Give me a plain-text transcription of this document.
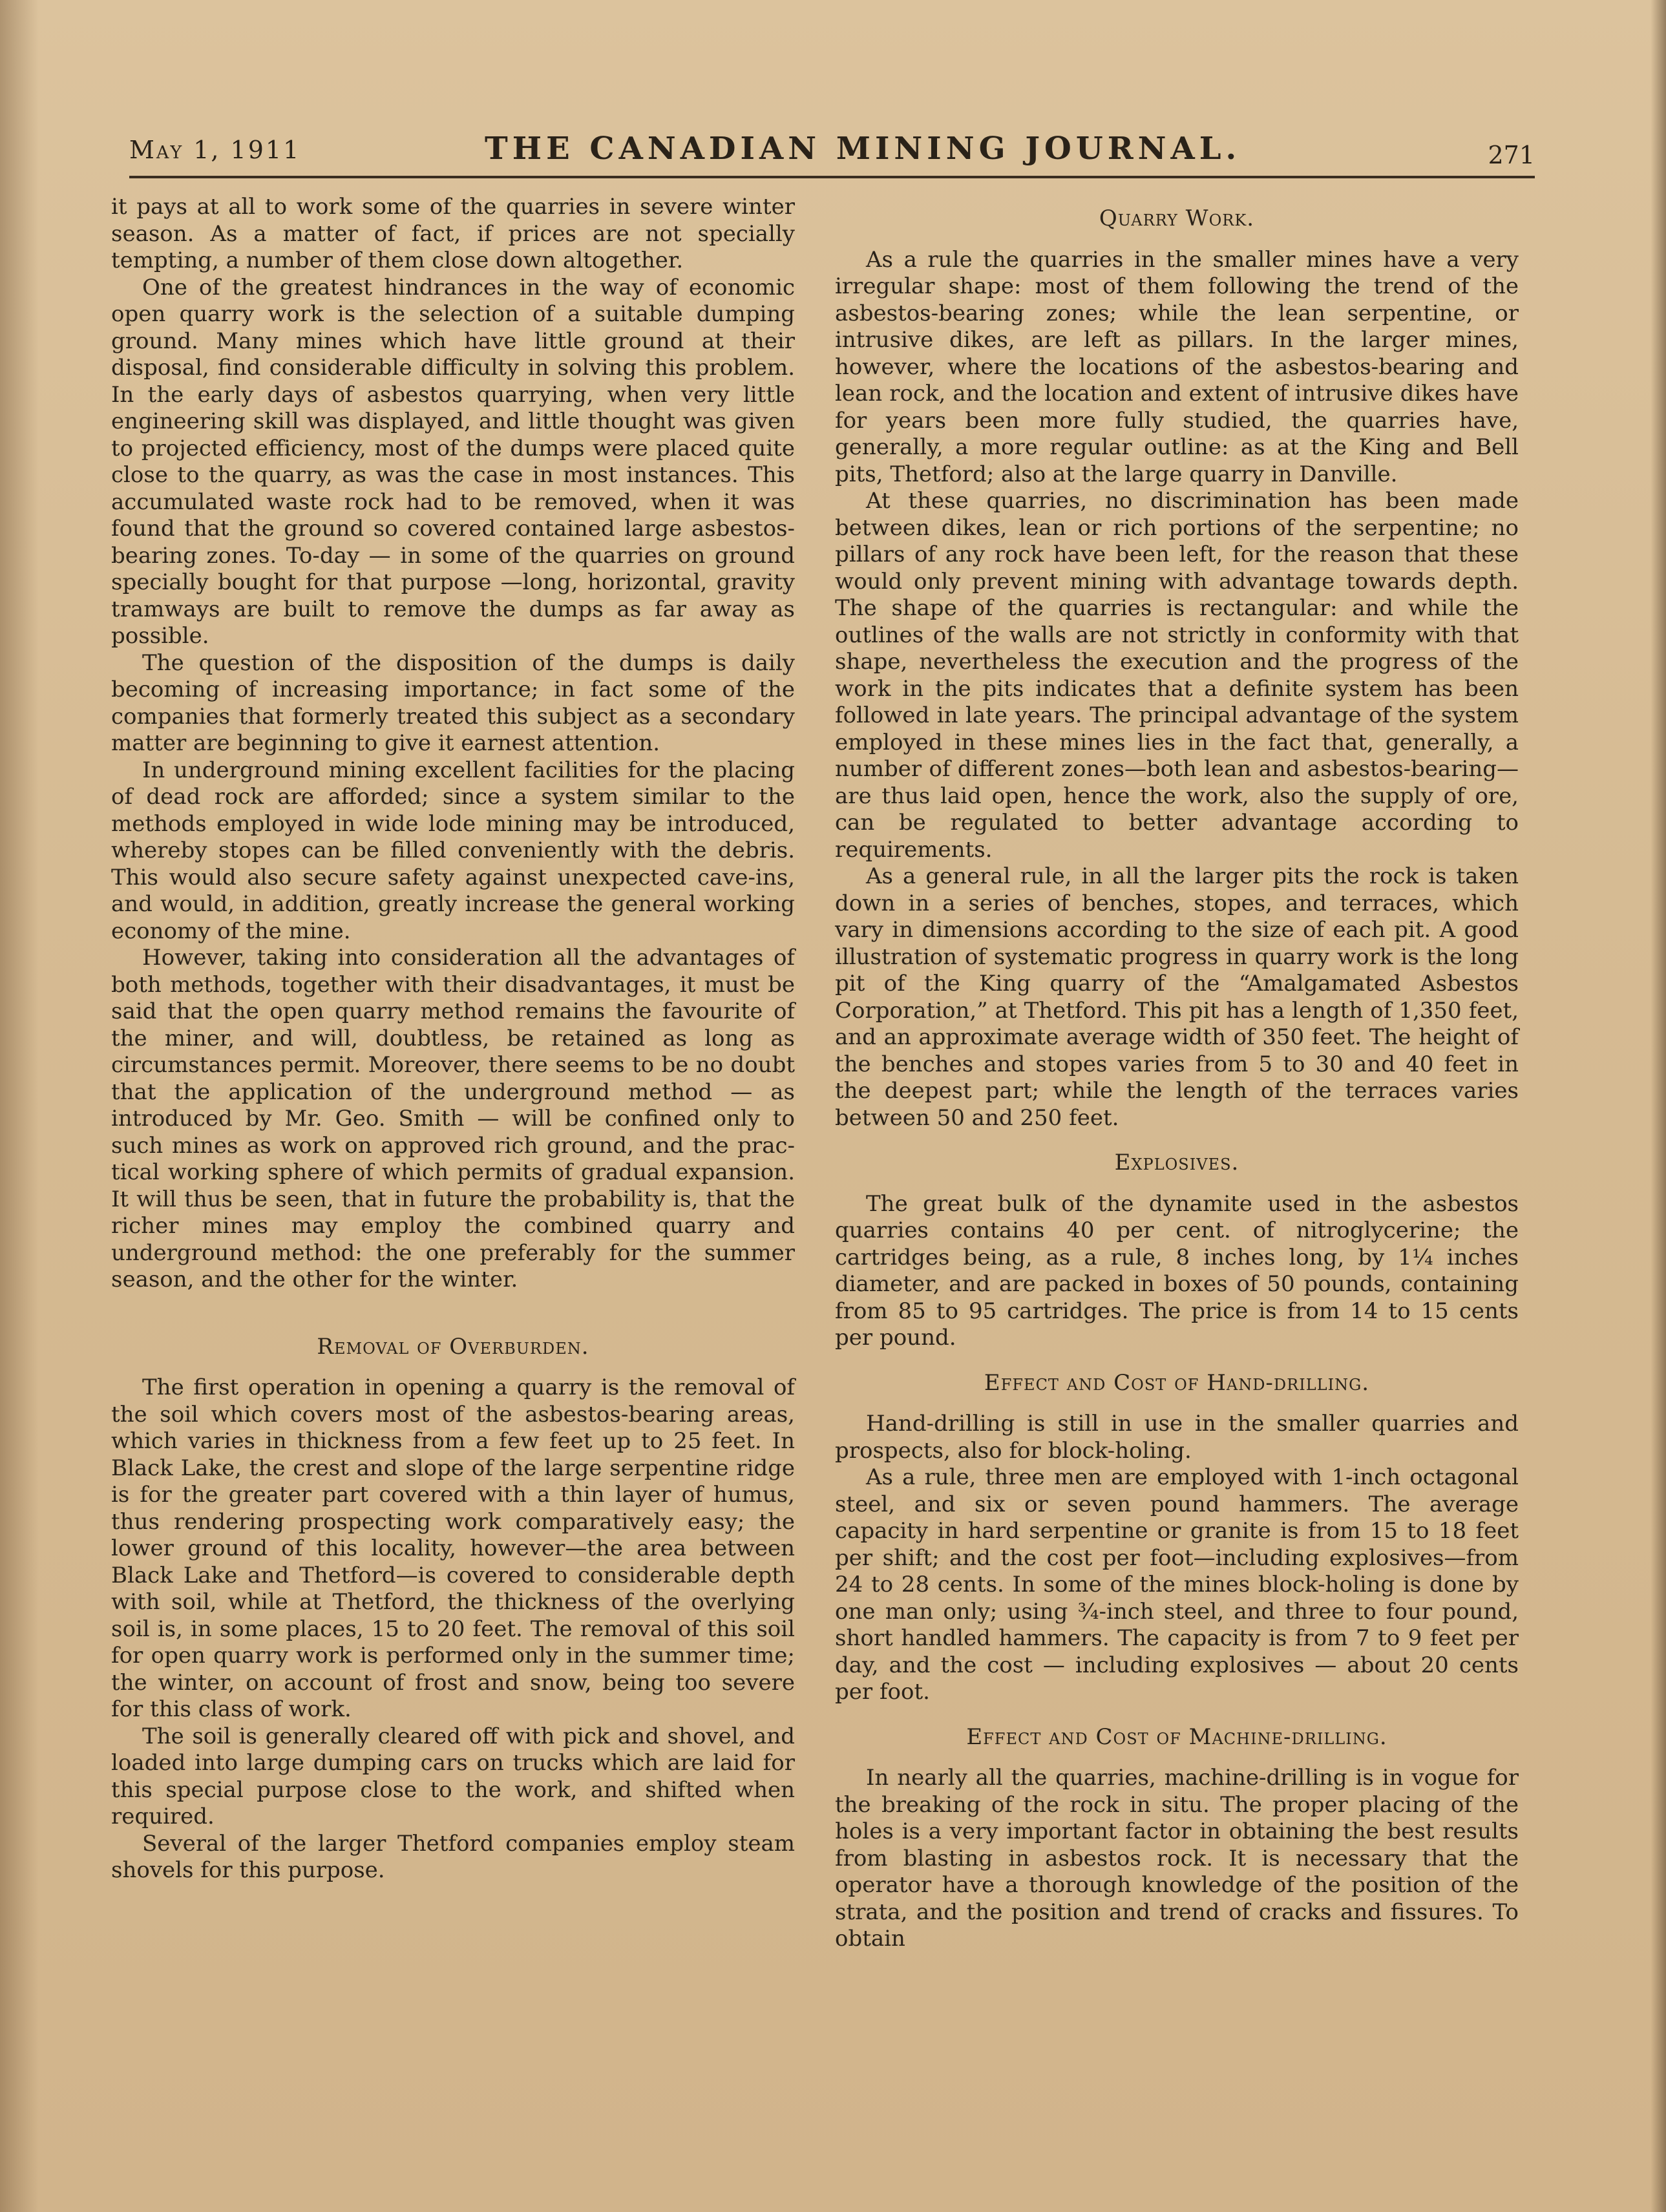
May 1, 1911	THE CANADIAN MINING JOURNAL.	271

it pays at all to work some of the quarries in severe winter season. As a matter of fact, if prices are not specially tempting, a number of them close down altogether.

One of the greatest hindrances in the way of economic open quarry work is the selection of a suitable dumping ground. Many mines which have little ground at their disposal, find considerable difficulty in solving this problem. In the early days of asbestos quarrying, when very little engineering skill was displayed, and little thought was given to projected efficiency, most of the dumps were placed quite close to the quarry, as was the case in most instances. This accumulated waste rock had to be removed, when it was found that the ground so covered contained large asbestos-bearing zones. To-day — in some of the quarries on ground specially bought for that purpose —long, horizontal, gravity tramways are built to remove the dumps as far away as possible.

The question of the disposition of the dumps is daily becoming of increasing importance; in fact some of the companies that formerly treated this subject as a secondary matter are beginning to give it earnest attention.

In underground mining excellent facilities for the placing of dead rock are afforded; since a system similar to the methods employed in wide lode mining may be introduced, whereby stopes can be filled conveniently with the debris. This would also secure safety against unexpected cave-ins, and would, in addition, greatly increase the general working economy of the mine.

However, taking into consideration all the advantages of both methods, together with their disadvantages, it must be said that the open quarry method remains the favourite of the miner, and will, doubtless, be retained as long as circumstances permit. Moreover, there seems to be no doubt that the application of the underground method — as introduced by Mr. Geo. Smith — will be confined only to such mines as work on approved rich ground, and the practical working sphere of which permits of gradual expansion. It will thus be seen, that in future the probability is, that the richer mines may employ the combined quarry and underground method: the one preferably for the summer season, and the other for the winter.

Removal of Overburden.

The first operation in opening a quarry is the removal of the soil which covers most of the asbestos-bearing areas, which varies in thickness from a few feet up to 25 feet. In Black Lake, the crest and slope of the large serpentine ridge is for the greater part covered with a thin layer of humus, thus rendering prospecting work comparatively easy; the lower ground of this locality, however—the area between Black Lake and Thetford—is covered to considerable depth with soil, while at Thetford, the thickness of the overlying soil is, in some places, 15 to 20 feet. The removal of this soil for open quarry work is performed only in the summer time; the winter, on account of frost and snow, being too severe for this class of work.

The soil is generally cleared off with pick and shovel, and loaded into large dumping cars on trucks which are laid for this special purpose close to the work, and shifted when required.

Several of the larger Thetford companies employ steam shovels for this purpose.

Quarry Work.

As a rule the quarries in the smaller mines have a very irregular shape: most of them following the trend of the asbestos-bearing zones; while the lean serpentine, or intrusive dikes, are left as pillars. In the larger mines, however, where the locations of the asbestos-bearing and lean rock, and the location and extent of intrusive dikes have for years been more fully studied, the quarries have, generally, a more regular outline: as at the King and Bell pits, Thetford; also at the large quarry in Danville.

At these quarries, no discrimination has been made between dikes, lean or rich portions of the serpentine; no pillars of any rock have been left, for the reason that these would only prevent mining with advantage towards depth. The shape of the quarries is rectangular: and while the outlines of the walls are not strictly in conformity with that shape, nevertheless the execution and the progress of the work in the pits indicates that a definite system has been followed in late years. The principal advantage of the system employed in these mines lies in the fact that, generally, a number of different zones—both lean and asbestos-bearing—are thus laid open, hence the work, also the supply of ore, can be regulated to better advantage according to requirements.

As a general rule, in all the larger pits the rock is taken down in a series of benches, stopes, and terraces, which vary in dimensions according to the size of each pit. A good illustration of systematic progress in quarry work is the long pit of the King quarry of the “Amalgamated Asbestos Corporation,” at Thetford. This pit has a length of 1,350 feet, and an approximate average width of 350 feet. The height of the benches and stopes varies from 5 to 30 and 40 feet in the deepest part; while the length of the terraces varies between 50 and 250 feet.

Explosives.

The great bulk of the dynamite used in the asbestos quarries contains 40 per cent. of nitroglycerine; the cartridges being, as a rule, 8 inches long, by 1¼ inches diameter, and are packed in boxes of 50 pounds, containing from 85 to 95 cartridges. The price is from 14 to 15 cents per pound.

Effect and Cost of Hand-drilling.

Hand-drilling is still in use in the smaller quarries and prospects, also for block-holing.

As a rule, three men are employed with 1-inch octagonal steel, and six or seven pound hammers. The average capacity in hard serpentine or granite is from 15 to 18 feet per shift; and the cost per foot—including explosives—from 24 to 28 cents. In some of the mines block-holing is done by one man only; using ¾-inch steel, and three to four pound, short handled hammers. The capacity is from 7 to 9 feet per day, and the cost — including explosives — about 20 cents per foot.

Effect and Cost of Machine-drilling.

In nearly all the quarries, machine-drilling is in vogue for the breaking of the rock in situ. The proper placing of the holes is a very important factor in obtaining the best results from blasting in asbestos rock. It is necessary that the operator have a thorough knowledge of the position of the strata, and the position and trend of cracks and fissures. To obtain
